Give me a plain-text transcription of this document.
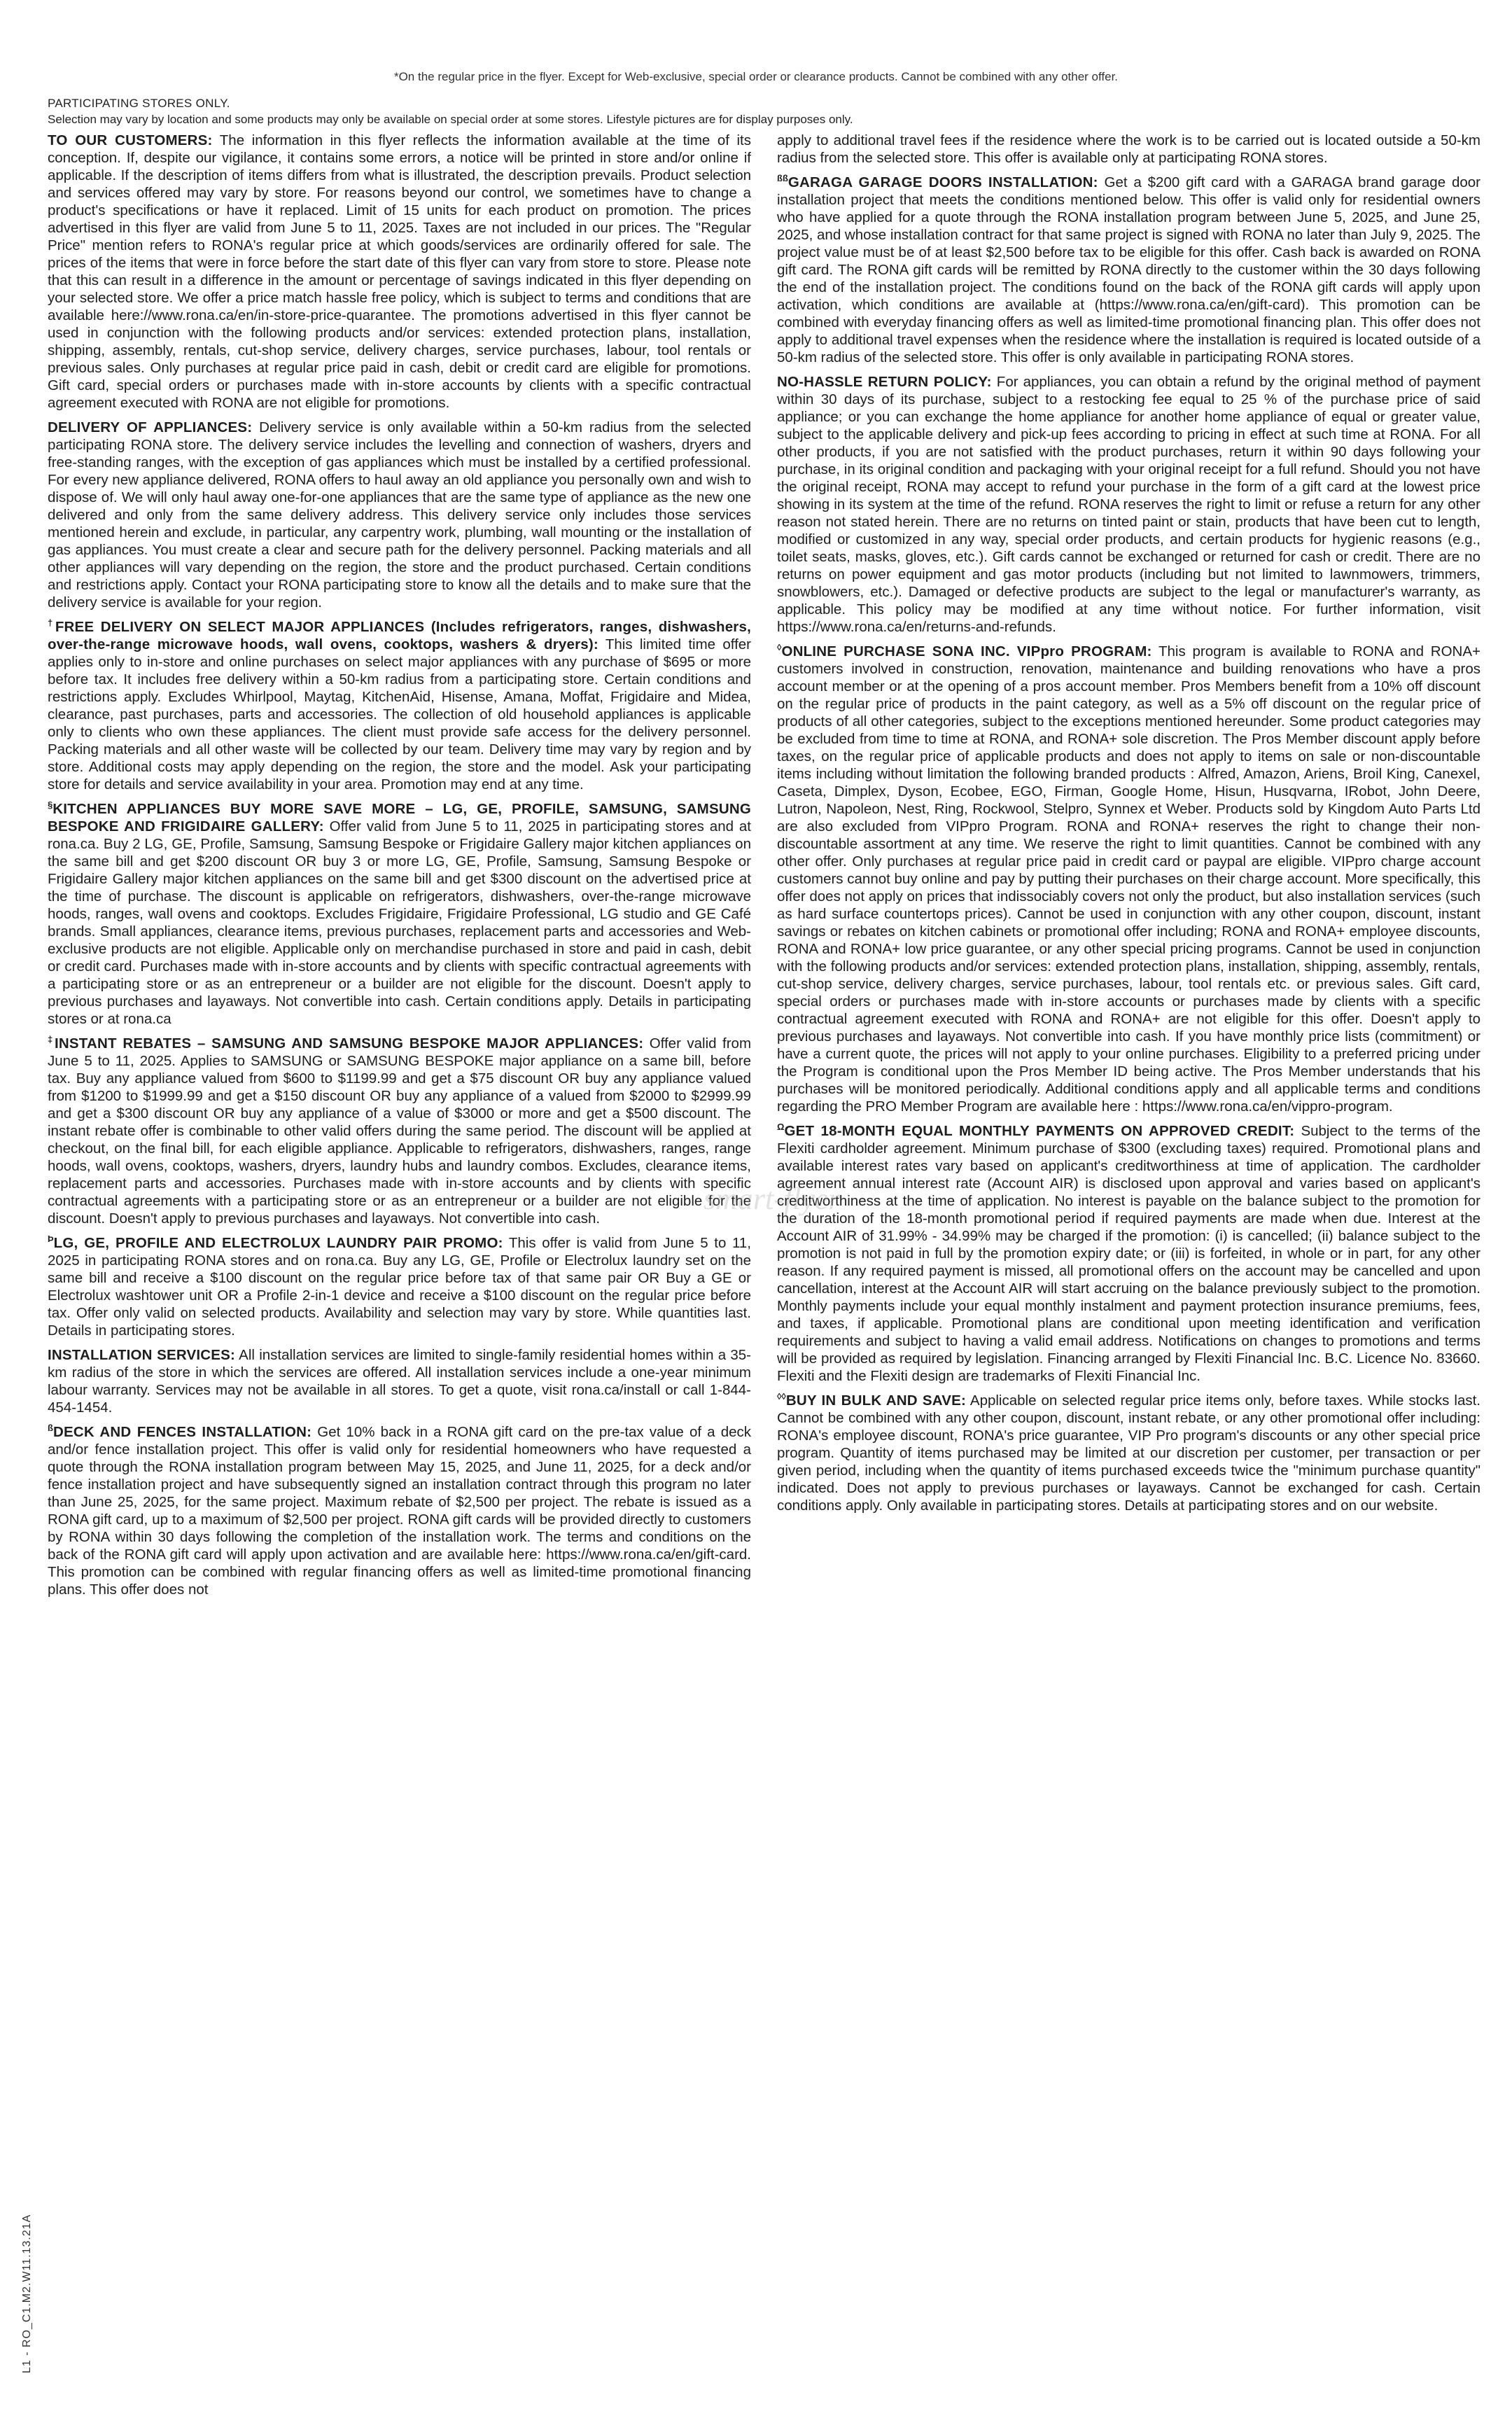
*On the regular price in the flyer. Except for Web-exclusive, special order or clearance products. Cannot be combined with any other offer.
PARTICIPATING STORES ONLY.
Selection may vary by location and some products may only be available on special order at some stores. Lifestyle pictures are for display purposes only.

TO OUR CUSTOMERS: The information in this flyer reflects the information available at the time of its conception. If, despite our vigilance, it contains some errors, a notice will be printed in store and/or online if applicable. If the description of items differs from what is illustrated, the description prevails. Product selection and services offered may vary by store. For reasons beyond our control, we sometimes have to change a product's specifications or have it replaced. Limit of 15 units for each product on promotion. The prices advertised in this flyer are valid from June 5 to 11, 2025. Taxes are not included in our prices. The "Regular Price" mention refers to RONA's regular price at which goods/services are ordinarily offered for sale. The prices of the items that were in force before the start date of this flyer can vary from store to store. Please note that this can result in a difference in the amount or percentage of savings indicated in this flyer depending on your selected store. We offer a price match hassle free policy, which is subject to terms and conditions that are available here://www.rona.ca/en/in-store-price-quarantee. The promotions advertised in this flyer cannot be used in conjunction with the following products and/or services: extended protection plans, installation, shipping, assembly, rentals, cut-shop service, delivery charges, service purchases, labour, tool rentals or previous sales. Only purchases at regular price paid in cash, debit or credit card are eligible for promotions. Gift card, special orders or purchases made with in-store accounts by clients with a specific contractual agreement executed with RONA are not eligible for promotions.

DELIVERY OF APPLIANCES: Delivery service is only available within a 50-km radius from the selected participating RONA store. The delivery service includes the levelling and connection of washers, dryers and free-standing ranges, with the exception of gas appliances which must be installed by a certified professional. For every new appliance delivered, RONA offers to haul away an old appliance you personally own and wish to dispose of. We will only haul away one-for-one appliances that are the same type of appliance as the new one delivered and only from the same delivery address. This delivery service only includes those services mentioned herein and exclude, in particular, any carpentry work, plumbing, wall mounting or the installation of gas appliances. You must create a clear and secure path for the delivery personnel. Packing materials and all other appliances will vary depending on the region, the store and the product purchased. Certain conditions and restrictions apply. Contact your RONA participating store to know all the details and to make sure that the delivery service is available for your region.

†FREE DELIVERY ON SELECT MAJOR APPLIANCES (Includes refrigerators, ranges, dishwashers, over-the-range microwave hoods, wall ovens, cooktops, washers & dryers): This limited time offer applies only to in-store and online purchases on select major appliances with any purchase of $695 or more before tax. It includes free delivery within a 50-km radius from a participating store. Certain conditions and restrictions apply. Excludes Whirlpool, Maytag, KitchenAid, Hisense, Amana, Moffat, Frigidaire and Midea, clearance, past purchases, parts and accessories. The collection of old household appliances is applicable only to clients who own these appliances. The client must provide safe access for the delivery personnel. Packing materials and all other waste will be collected by our team. Delivery time may vary by region and by store. Additional costs may apply depending on the region, the store and the model. Ask your participating store for details and service availability in your area. Promotion may end at any time.

§KITCHEN APPLIANCES BUY MORE SAVE MORE – LG, GE, PROFILE, SAMSUNG, SAMSUNG BESPOKE AND FRIGIDAIRE GALLERY: Offer valid from June 5 to 11, 2025 in participating stores and at rona.ca. Buy 2 LG, GE, Profile, Samsung, Samsung Bespoke or Frigidaire Gallery major kitchen appliances on the same bill and get $200 discount OR buy 3 or more LG, GE, Profile, Samsung, Samsung Bespoke or Frigidaire Gallery major kitchen appliances on the same bill and get $300 discount on the advertised price at the time of purchase. The discount is applicable on refrigerators, dishwashers, over-the-range microwave hoods, ranges, wall ovens and cooktops. Excludes Frigidaire, Frigidaire Professional, LG studio and GE Café brands. Small appliances, clearance items, previous purchases, replacement parts and accessories and Web-exclusive products are not eligible. Applicable only on merchandise purchased in store and paid in cash, debit or credit card. Purchases made with in-store accounts and by clients with specific contractual agreements with a participating store or as an entrepreneur or a builder are not eligible for the discount. Doesn't apply to previous purchases and layaways. Not convertible into cash. Certain conditions apply. Details in participating stores or at rona.ca

‡INSTANT REBATES – SAMSUNG AND SAMSUNG BESPOKE MAJOR APPLIANCES: Offer valid from June 5 to 11, 2025. Applies to SAMSUNG or SAMSUNG BESPOKE major appliance on a same bill, before tax. Buy any appliance valued from $600 to $1199.99 and get a $75 discount OR buy any appliance valued from $1200 to $1999.99 and get a $150 discount OR buy any appliance of a valued from $2000 to $2999.99 and get a $300 discount OR buy any appliance of a value of $3000 or more and get a $500 discount. The instant rebate offer is combinable to other valid offers during the same period. The discount will be applied at checkout, on the final bill, for each eligible appliance. Applicable to refrigerators, dishwashers, ranges, range hoods, wall ovens, cooktops, washers, dryers, laundry hubs and laundry combos. Excludes, clearance items, replacement parts and accessories. Purchases made with in-store accounts and by clients with specific contractual agreements with a participating store or as an entrepreneur or a builder are not eligible for the discount. Doesn't apply to previous purchases and layaways. Not convertible into cash.

$^Þ$LG, GE, PROFILE AND ELECTROLUX LAUNDRY PAIR PROMO: This offer is valid from June 5 to 11, 2025 in participating RONA stores and on rona.ca. Buy any LG, GE, Profile or Electrolux laundry set on the same bill and receive a $100 discount on the regular price before tax of that same pair OR Buy a GE or Electrolux washtower unit OR a Profile 2-in-1 device and receive a $100 discount on the regular price before tax. Offer only valid on selected products. Availability and selection may vary by store. While quantities last. Details in participating stores.

INSTALLATION SERVICES: All installation services are limited to single-family residential homes within a 35-km radius of the store in which the services are offered. All installation services include a one-year minimum labour warranty. Services may not be available in all stores. To get a quote, visit rona.ca/install or call 1-844-454-1454.

$^ß$DECK AND FENCES INSTALLATION: Get 10% back in a RONA gift card on the pre-tax value of a deck and/or fence installation project. This offer is valid only for residential homeowners who have requested a quote through the RONA installation program between May 15, 2025, and June 11, 2025, for a deck and/or fence installation project and have subsequently signed an installation contract through this program no later than June 25, 2025, for the same project. Maximum rebate of $2,500 per project. The rebate is issued as a RONA gift card, up to a maximum of $2,500 per project. RONA gift cards will be provided directly to customers by RONA within 30 days following the completion of the installation work. The terms and conditions on the back of the RONA gift card will apply upon activation and are available here: https://www.rona.ca/en/gift-card. This promotion can be combined with regular financing offers as well as limited-time promotional financing plans. This offer does not

apply to additional travel fees if the residence where the work is to be carried out is located outside a 50-km radius from the selected store. This offer is available only at participating RONA stores.

$^{ßß}$GARAGA GARAGE DOORS INSTALLATION: Get a $200 gift card with a GARAGA brand garage door installation project that meets the conditions mentioned below. This offer is valid only for residential owners who have applied for a quote through the RONA installation program between June 5, 2025, and June 25, 2025, and whose installation contract for that same project is signed with RONA no later than July 9, 2025. The project value must be of at least $2,500 before tax to be eligible for this offer. Cash back is awarded on RONA gift card. The RONA gift cards will be remitted by RONA directly to the customer within the 30 days following the end of the installation project. The conditions found on the back of the RONA gift cards will apply upon activation, which conditions are available at (https://www.rona.ca/en/gift-card). This promotion can be combined with everyday financing offers as well as limited-time promotional financing plan. This offer does not apply to additional travel expenses when the residence where the installation is required is located outside of a 50-km radius of the selected store. This offer is only available in participating RONA stores.

NO-HASSLE RETURN POLICY: For appliances, you can obtain a refund by the original method of payment within 30 days of its purchase, subject to a restocking fee equal to 25 % of the purchase price of said appliance; or you can exchange the home appliance for another home appliance of equal or greater value, subject to the applicable delivery and pick-up fees according to pricing in effect at such time at RONA. For all other products, if you are not satisfied with the product purchases, return it within 90 days following your purchase, in its original condition and packaging with your original receipt for a full refund. Should you not have the original receipt, RONA may accept to refund your purchase in the form of a gift card at the lowest price showing in its system at the time of the refund. RONA reserves the right to limit or refuse a return for any other reason not stated herein. There are no returns on tinted paint or stain, products that have been cut to length, modified or customized in any way, special order products, and certain products for hygienic reasons (e.g., toilet seats, masks, gloves, etc.). Gift cards cannot be exchanged or returned for cash or credit. There are no returns on power equipment and gas motor products (including but not limited to lawnmowers, trimmers, snowblowers, etc.). Damaged or defective products are subject to the legal or manufacturer's warranty, as applicable. This policy may be modified at any time without notice. For further information, visit https://www.rona.ca/en/returns-and-refunds.

◊ONLINE PURCHASE SONA INC. VIPpro PROGRAM: This program is available to RONA and RONA+ customers involved in construction, renovation, maintenance and building renovations who have a pros account member or at the opening of a pros account member. Pros Members benefit from a 10% off discount on the regular price of products in the paint category, as well as a 5% off discount on the regular price of products of all other categories, subject to the exceptions mentioned hereunder. Some product categories may be excluded from time to time at RONA, and RONA+ sole discretion. The Pros Member discount apply before taxes, on the regular price of applicable products and does not apply to items on sale or non-discountable items including without limitation the following branded products : Alfred, Amazon, Ariens, Broil King, Canexel, Caseta, Dimplex, Dyson, Ecobee, EGO, Firman, Google Home, Hisun, Husqvarna, IRobot, John Deere, Lutron, Napoleon, Nest, Ring, Rockwool, Stelpro, Synnex et Weber. Products sold by Kingdom Auto Parts Ltd are also excluded from VIPpro Program. RONA and RONA+ reserves the right to change their non-discountable assortment at any time. We reserve the right to limit quantities. Cannot be combined with any other offer. Only purchases at regular price paid in credit card or paypal are eligible. VIPpro charge account customers cannot buy online and pay by putting their purchases on their charge account. More specifically, this offer does not apply on prices that indissociably covers not only the product, but also installation services (such as hard surface countertops prices). Cannot be used in conjunction with any other coupon, discount, instant savings or rebates on kitchen cabinets or promotional offer including; RONA and RONA+ employee discounts, RONA and RONA+ low price guarantee, or any other special pricing programs. Cannot be used in conjunction with the following products and/or services: extended protection plans, installation, shipping, assembly, rentals, cut-shop service, delivery charges, service purchases, labour, tool rentals etc. or previous sales. Gift card, special orders or purchases made with in-store accounts or purchases made by clients with a specific contractual agreement executed with RONA and RONA+ are not eligible for this offer. Doesn't apply to previous purchases and layaways. Not convertible into cash. If you have monthly price lists (commitment) or have a current quote, the prices will not apply to your online purchases. Eligibility to a preferred pricing under the Program is conditional upon the Pros Member ID being active. The Pros Member understands that his purchases will be monitored periodically. Additional conditions apply and all applicable terms and conditions regarding the PRO Member Program are available here : https://www.rona.ca/en/vippro-program.

$^\Omega$GET 18-MONTH EQUAL MONTHLY PAYMENTS ON APPROVED CREDIT: Subject to the terms of the Flexiti cardholder agreement. Minimum purchase of $300 (excluding taxes) required. Promotional plans and available interest rates vary based on applicant's creditworthiness at time of application. The cardholder agreement annual interest rate (Account AIR) is disclosed upon approval and varies based on applicant's creditworthiness at the time of application. No interest is payable on the balance subject to the promotion for the duration of the 18-month promotional period if required payments are made when due. Interest at the Account AIR of 31.99% - 34.99% may be charged if the promotion: (i) is cancelled; (ii) balance subject to the promotion is not paid in full by the promotion expiry date; or (iii) is forfeited, in whole or in part, for any other reason. If any required payment is missed, all promotional offers on the account may be cancelled and upon cancellation, interest at the Account AIR will start accruing on the balance previously subject to the promotion. Monthly payments include your equal monthly instalment and payment protection insurance premiums, fees, and taxes, if applicable. Promotional plans are conditional upon meeting identification and verification requirements and subject to having a valid email address. Notifications on changes to promotions and terms will be provided as required by legislation. Financing arranged by Flexiti Financial Inc. B.C. Licence No. 83660. Flexiti and the Flexiti design are trademarks of Flexiti Financial Inc.

◊◊BUY IN BULK AND SAVE: Applicable on selected regular price items only, before taxes. While stocks last. Cannot be combined with any other coupon, discount, instant rebate, or any other promotional offer including: RONA's employee discount, RONA's price guarantee, VIP Pro program's discounts or any other special price program. Quantity of items purchased may be limited at our discretion per customer, per transaction or per given period, including when the quantity of items purchased exceeds twice the "minimum purchase quantity" indicated. Does not apply to previous purchases or layaways. Cannot be exchanged for cash. Certain conditions apply. Only available in participating stores. Details at participating stores and on our website.

smart-flyer
L1 - RO_C1.M2.W11.13.21A
